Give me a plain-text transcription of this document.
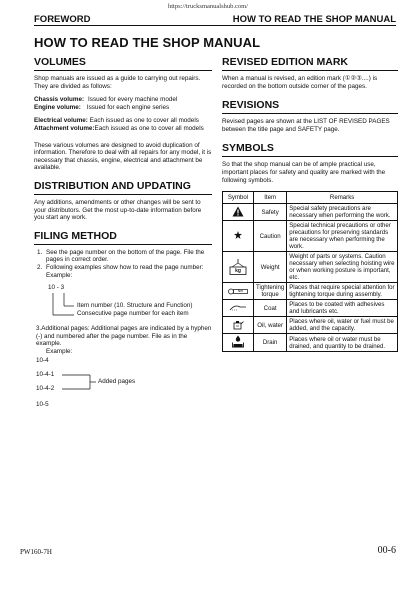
https://trucksmanualshub.com/
FOREWORD	HOW TO READ THE SHOP MANUAL
HOW TO READ THE SHOP MANUAL
VOLUMES

Shop manuals are issued as a guide to carrying out repairs. They are divided as follows:

Chassis volume: Issued for every machine model
Engine volume: Issued for each engine series
Electrical volume: Each issued as one to cover all models
Attachment volume:Each issued as one to cover all models

These various volumes are designed to avoid duplication of information. Therefore to deal with all repairs for any model, it is necessary that chassis, engine, electrical and attachment be available.

DISTRIBUTION AND UPDATING

Any additions, amendments or other changes will be sent to your distributors. Get the most up-to-date information before you start any work.

FILING METHOD
1. See the page number on the bottom of the page. File the pages in correct order.
2. Following examples show how to read the page number:
Example:
10 - 3
Item number (10. Structure and Function)
Consecutive page number for each item

3.Additional pages: Additional pages are indicated by a hyphen (-) and numbered after the page number. File as in the example.
Example:

10-4
10-4-1
10-4-2
10-5
Added pages
REVISED EDITION MARK

When a manual is revised, an edition mark (①②③....) is recorded on the bottom outside corner of the pages.

REVISIONS

Revised pages are shown at the LIST OF REVISED PAGES between the title page and SAFETY page.

SYMBOLS

So that the shop manual can be of ample practical use, important places for safety and quality are marked with the following symbols.

Symbol	Item	Remarks
	Safety	Special safety precautions are necessary when performing the work.
	Caution	Special technical precautions or other precautions for preserving standards are necessary when performing the work.

kg	Weight	Weight of parts or systems. Caution necessary when selecting hoisting wire or when working posture is important, etc.

Nm	Tightening torque	Places that require special attention for tightening torque during assembly.
	Coat	Places to be coated with adhesives and lubricants etc.
	Oil, water	Places where oil, water or fuel must be added, and the capacity.
	Drain	Places where oil or water must be drained, and quantity to be drained.
PW160-7H	00-6
